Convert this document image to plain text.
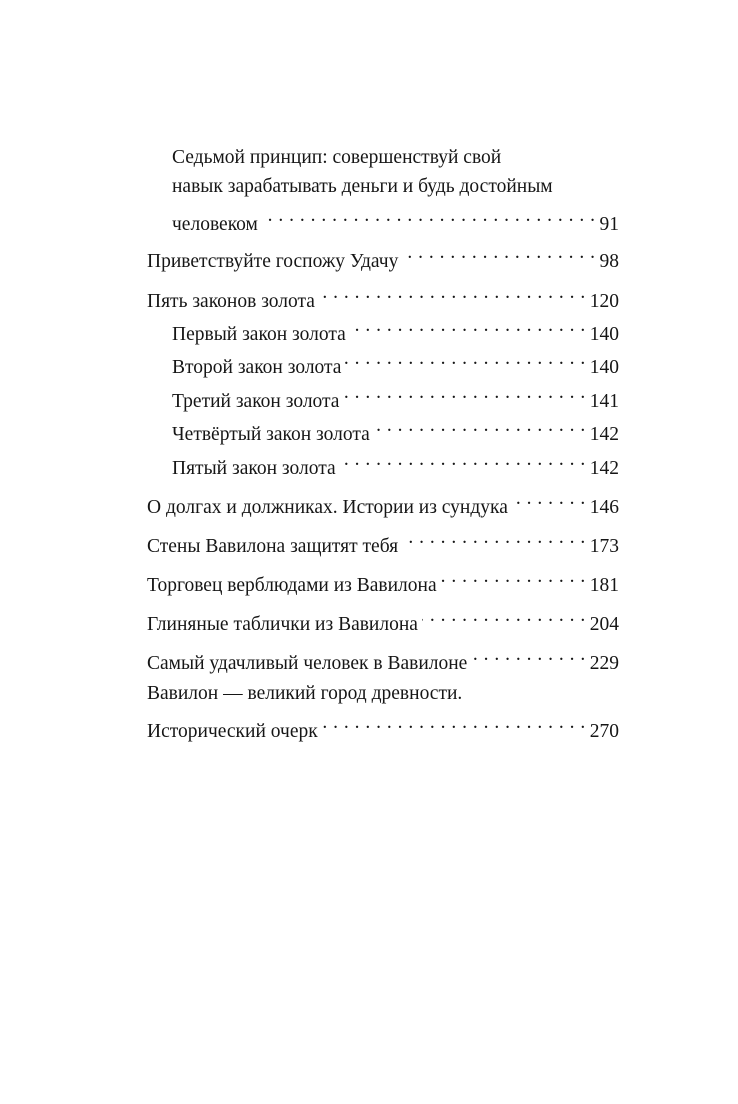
Седьмой принцип: совершенствуй свой
навык зарабатывать деньги и будь достойным
человеком . . .	91
Приветствуйте госпожу Удачу . . .	98
Пять законов золота . . .	120
Первый закон золота . . .	140
Второй закон золота . . .	140
Третий закон золота . . .	141
Четвёртый закон золота . . .	142
Пятый закон золота . . .	142
О долгах и должниках. Истории из сундука . . .	146
Стены Вавилона защитят тебя . . .	173
Торговец верблюдами из Вавилона . . .	181
Глиняные таблички из Вавилона . . .	204
Самый удачливый человек в Вавилоне . . .	229
Вавилон — великий город древности.
Исторический очерк . . .	270
